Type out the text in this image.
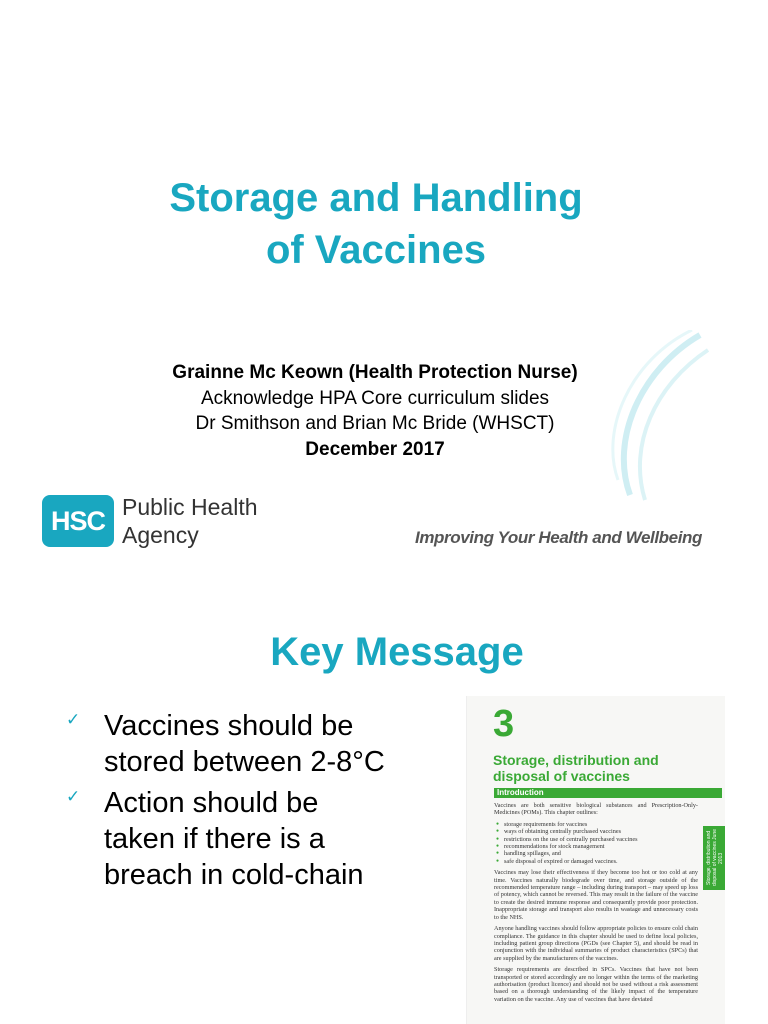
Storage and Handling
of Vaccines
Grainne Mc Keown (Health Protection Nurse)
Acknowledge HPA Core curriculum slides
Dr Smithson and Brian Mc Bride (WHSCT)
December 2017
HSC Public Health
Agency	Improving Your Health and Wellbeing
Key Message
✓ Vaccines should be stored between 2-8°C
✓ Action should be taken if there is a breach in cold-chain
3
Storage, distribution and disposal of vaccines
Introduction
Storage, distribution and disposal of vaccines June 2013

Vaccines are both sensitive biological substances and Prescription-Only-Medicines (POMs). This chapter outlines:

● storage requirements for vaccines
● ways of obtaining centrally purchased vaccines
● restrictions on the use of centrally purchased vaccines
● recommendations for stock management
● handling spillages, and
● safe disposal of expired or damaged vaccines.

Vaccines may lose their effectiveness if they become too hot or too cold at any time. Vaccines naturally biodegrade over time, and storage outside of the recommended temperature range – including during transport – may speed up loss of potency, which cannot be reversed. This may result in the failure of the vaccine to create the desired immune response and consequently provide poor protection. Inappropriate storage and transport also results in wastage and unnecessary costs to the NHS.

Anyone handling vaccines should follow appropriate policies to ensure cold chain compliance. The guidance in this chapter should be used to define local policies, including patient group directions (PGDs (see Chapter 5), and should be read in conjunction with the individual summaries of product characteristics (SPCs) that are supplied by the manufacturers of the vaccines.

Storage requirements are described in SPCs. Vaccines that have not been transported or stored accordingly are no longer within the terms of the marketing authorisation (product licence) and should not be used without a risk assessment based on a thorough understanding of the likely impact of the temperature variation on the vaccine. Any use of vaccines that have deviated
